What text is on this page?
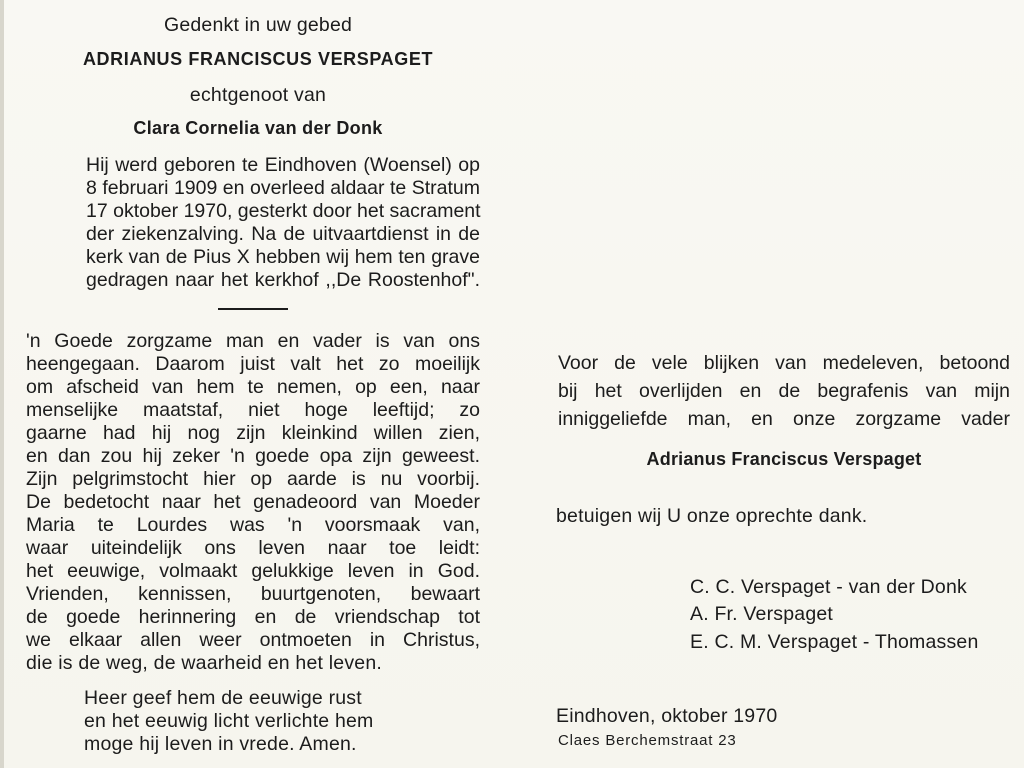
Gedenkt in uw gebed
ADRIANUS FRANCISCUS VERSPAGET
echtgenoot van
Clara Cornelia van der Donk
Hij werd geboren te Eindhoven (Woensel) op
8 februari 1909 en overleed aldaar te Stratum
17 oktober 1970, gesterkt door het sacrament
der ziekenzalving. Na de uitvaartdienst in de
kerk van de Pius X hebben wij hem ten grave
gedragen naar het kerkhof ,,De Roostenhof".
'n Goede zorgzame man en vader is van ons
heengegaan. Daarom juist valt het zo moeilijk
om afscheid van hem te nemen, op een, naar
menselijke maatstaf, niet hoge leeftijd; zo
gaarne had hij nog zijn kleinkind willen zien,
en dan zou hij zeker 'n goede opa zijn geweest.
Zijn pelgrimstocht hier op aarde is nu voorbij.
De bedetocht naar het genadeoord van Moeder
Maria te Lourdes was 'n voorsmaak van,
waar uiteindelijk ons leven naar toe leidt:
het eeuwige, volmaakt gelukkige leven in God.
Vrienden, kennissen, buurtgenoten, bewaart
de goede herinnering en de vriendschap tot
we elkaar allen weer ontmoeten in Christus,
die is de weg, de waarheid en het leven.
Heer geef hem de eeuwige rust
en het eeuwig licht verlichte hem
moge hij leven in vrede. Amen.
Voor de vele blijken van medeleven, betoond
bij het overlijden en de begrafenis van mijn
inniggeliefde man, en onze zorgzame vader
Adrianus Franciscus Verspaget
betuigen wij U onze oprechte dank.
C. C. Verspaget - van der Donk
A. Fr. Verspaget
E. C. M. Verspaget - Thomassen
Eindhoven, oktober 1970
Claes Berchemstraat 23
